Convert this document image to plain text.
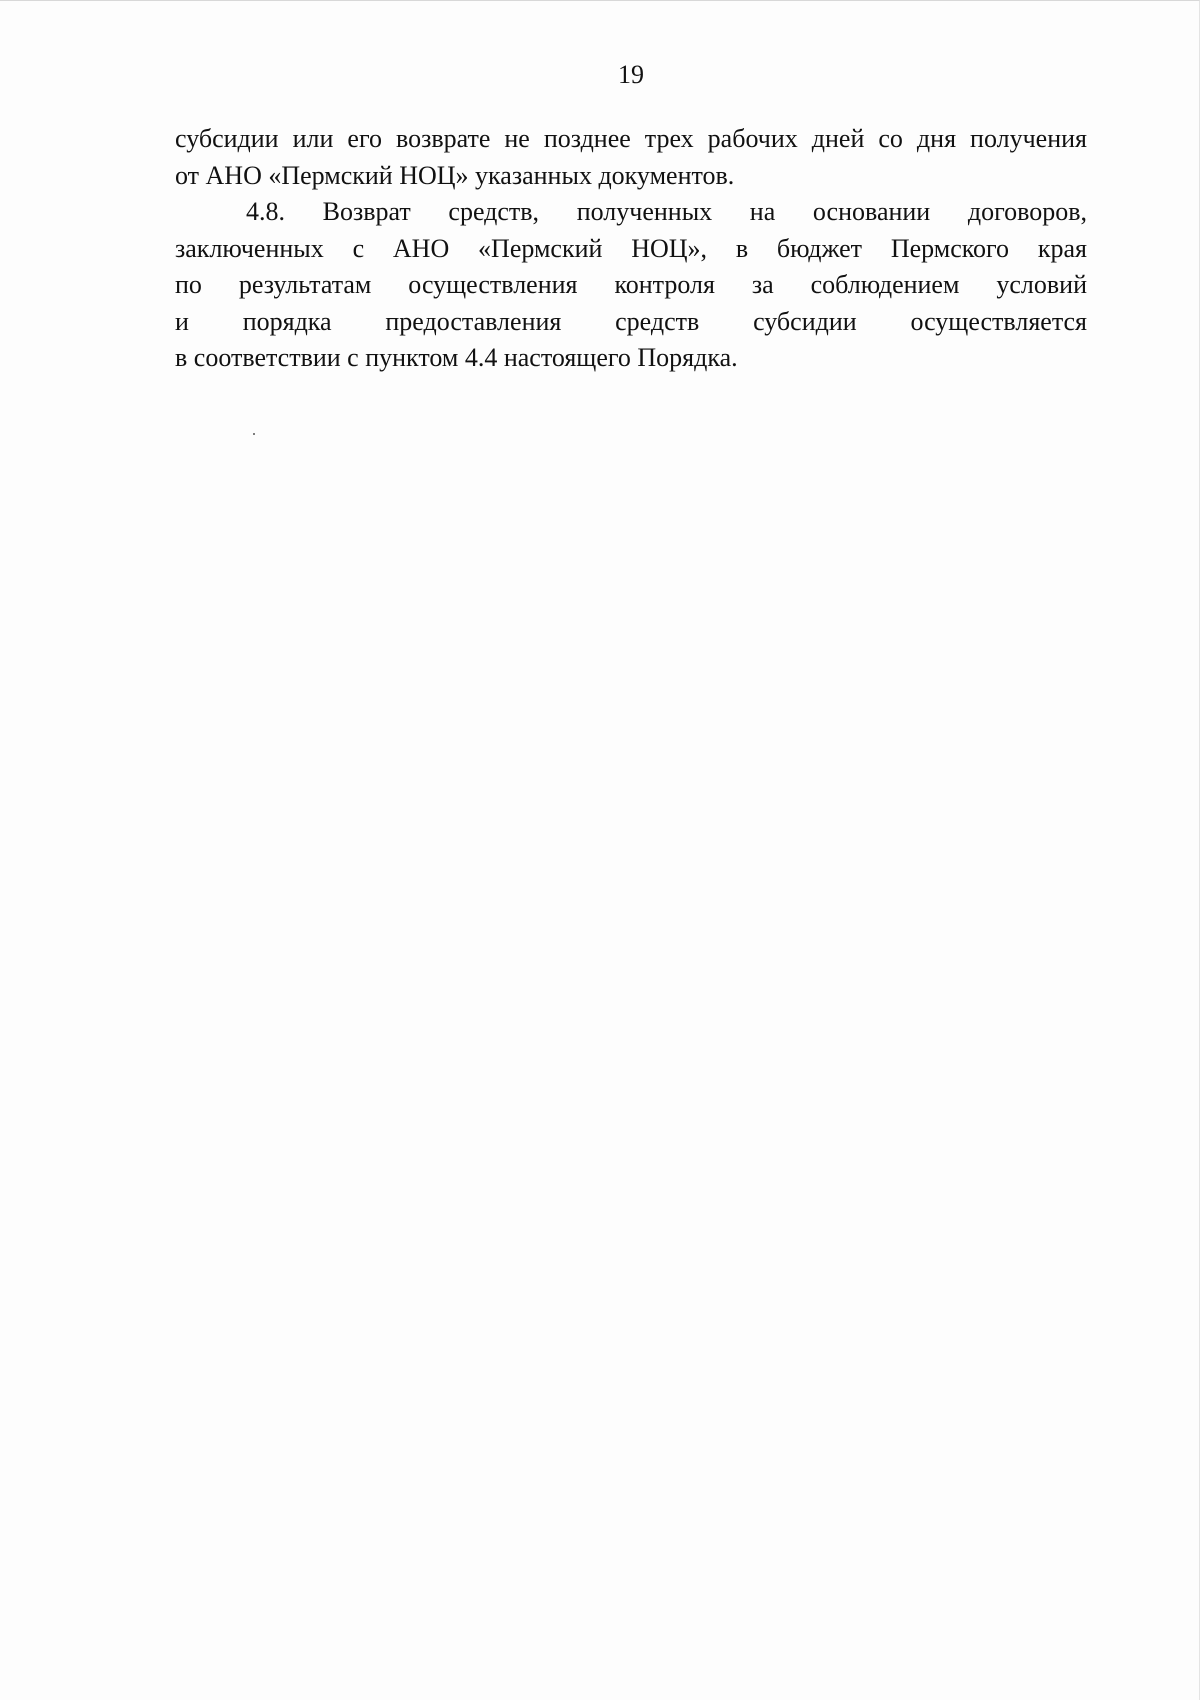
19

субсидии или его возврате не позднее трех рабочих дней со дня получения
от АНО «Пермский НОЦ» указанных документов.

4.8. Возврат средств, полученных на основании договоров,
заключенных с АНО «Пермский НОЦ», в бюджет Пермского края
по результатам осуществления контроля за соблюдением условий
и порядка предоставления средств субсидии осуществляется
в соответствии с пунктом 4.4 настоящего Порядка.
